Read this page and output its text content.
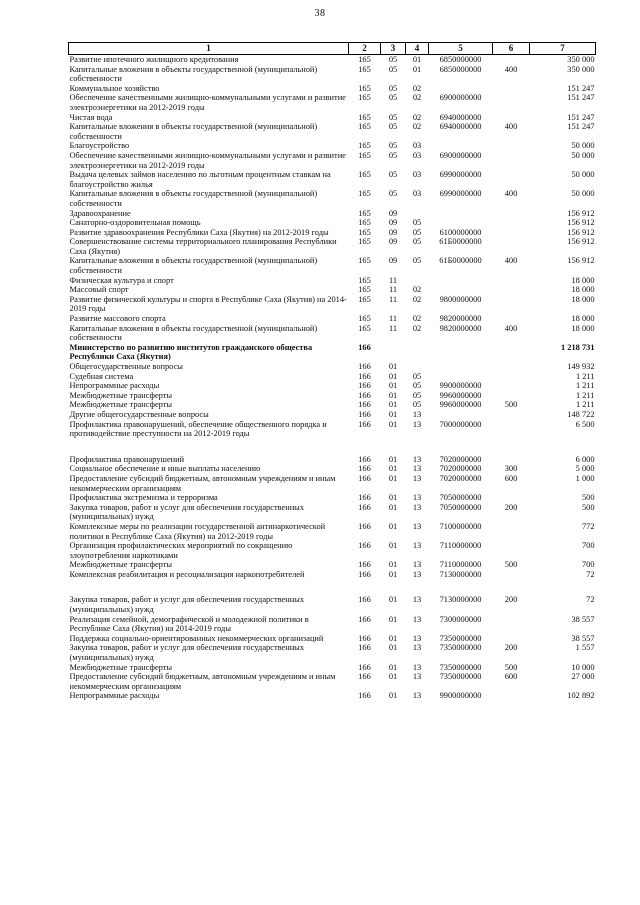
38
1	2	3	4	5	6	7
Развитие ипотечного жилищного кредитования	165	05	01	6850000000		350 000
Капитальные вложения в объекты государственной (муниципальной) собственности	165	05	01	6850000000	400	350 000
Коммунальное хозяйство	165	05	02			151 247
Обеспечение качественными жилищно-коммунальными услугами и развитие электроэнергетики на 2012-2019 годы	165	05	02	6900000000		151 247
Чистая вода	165	05	02	6940000000		151 247
Капитальные вложения в объекты государственной (муниципальной) собственности	165	05	02	6940000000	400	151 247
Благоустройство	165	05	03			50 000
Обеспечение качественными жилищно-коммунальными услугами и развитие электроэнергетики на 2012-2019 годы	165	05	03	6900000000		50 000
Выдача целевых займов населению по льготным процентным ставкам на благоустройство жилья	165	05	03	6990000000		50 000
Капитальные вложения в объекты государственной (муниципальной) собственности	165	05	03	6990000000	400	50 000
Здравоохранение	165	09				156 912
Санаторно-оздоровительная помощь	165	09	05			156 912
Развитие здравоохранения Республики Саха (Якутия) на 2012-2019 годы	165	09	05	6100000000		156 912
Совершенствование системы территориального планирования Республики Саха (Якутия)	165	09	05	61Б0000000		156 912
Капитальные вложения в объекты государственной (муниципальной) собственности	165	09	05	61Б0000000	400	156 912
Физическая культура и спорт	165	11				18 000
Массовый спорт	165	11	02			18 000
Развитие физической культуры и спорта в Республике Саха (Якутия) на 2014-2019 годы	165	11	02	9800000000		18 000
Развитие массового спорта	165	11	02	9820000000		18 000
Капитальные вложения в объекты государственной (муниципальной) собственности	165	11	02	9820000000	400	18 000
Министерство по развитию институтов гражданского общества Республики Саха (Якутия)	166					1 218 731
Общегосударственные вопросы	166	01				149 932
Судебная система	166	01	05			1 211
Непрограммные расходы	166	01	05	9900000000		1 211
Межбюджетные трансферты	166	01	05	9960000000		1 211
Межбюджетные трансферты	166	01	05	9960000000	500	1 211
Другие общегосударственные вопросы	166	01	13			148 722
Профилактика правонарушений, обеспечение общественного порядка и противодействие преступности на 2012-2019 годы	166	01	13	7000000000		6 500

Профилактика правонарушений	166	01	13	7020000000		6 000
Социальное обеспечение и иные выплаты населению	166	01	13	7020000000	300	5 000
Предоставление субсидий бюджетным, автономным учреждениям и иным некоммерческим организациям	166	01	13	7020000000	600	1 000
Профилактика экстремизма и терроризма	166	01	13	7050000000		500
Закупка товаров, работ и услуг для обеспечения государственных (муниципальных) нужд	166	01	13	7050000000	200	500
Комплексные меры по реализации государственной антинаркотической политики в Республике Саха (Якутия) на 2012-2019 годы	166	01	13	7100000000		772
Организация профилактических мероприятий по сокращению злоупотребления наркотиками	166	01	13	7110000000		700
Межбюджетные трансферты	166	01	13	7110000000	500	700
Комплексная реабилитация и ресоциализация наркопотребителей	166	01	13	7130000000		72

Закупка товаров, работ и услуг для обеспечения государственных (муниципальных) нужд	166	01	13	7130000000	200	72
Реализация семейной, демографической и молодежной политики в Республике Саха (Якутия) на 2014-2019 годы	166	01	13	7300000000		38 557
Поддержка социально-ориентированных некоммерческих организаций	166	01	13	7350000000		38 557
Закупка товаров, работ и услуг для обеспечения государственных (муниципальных) нужд	166	01	13	7350000000	200	1 557
Межбюджетные трансферты	166	01	13	7350000000	500	10 000
Предоставление субсидий бюджетным, автономным учреждениям и иным некоммерческим организациям	166	01	13	7350000000	600	27 000
Непрограммные расходы	166	01	13	9900000000		102 892
